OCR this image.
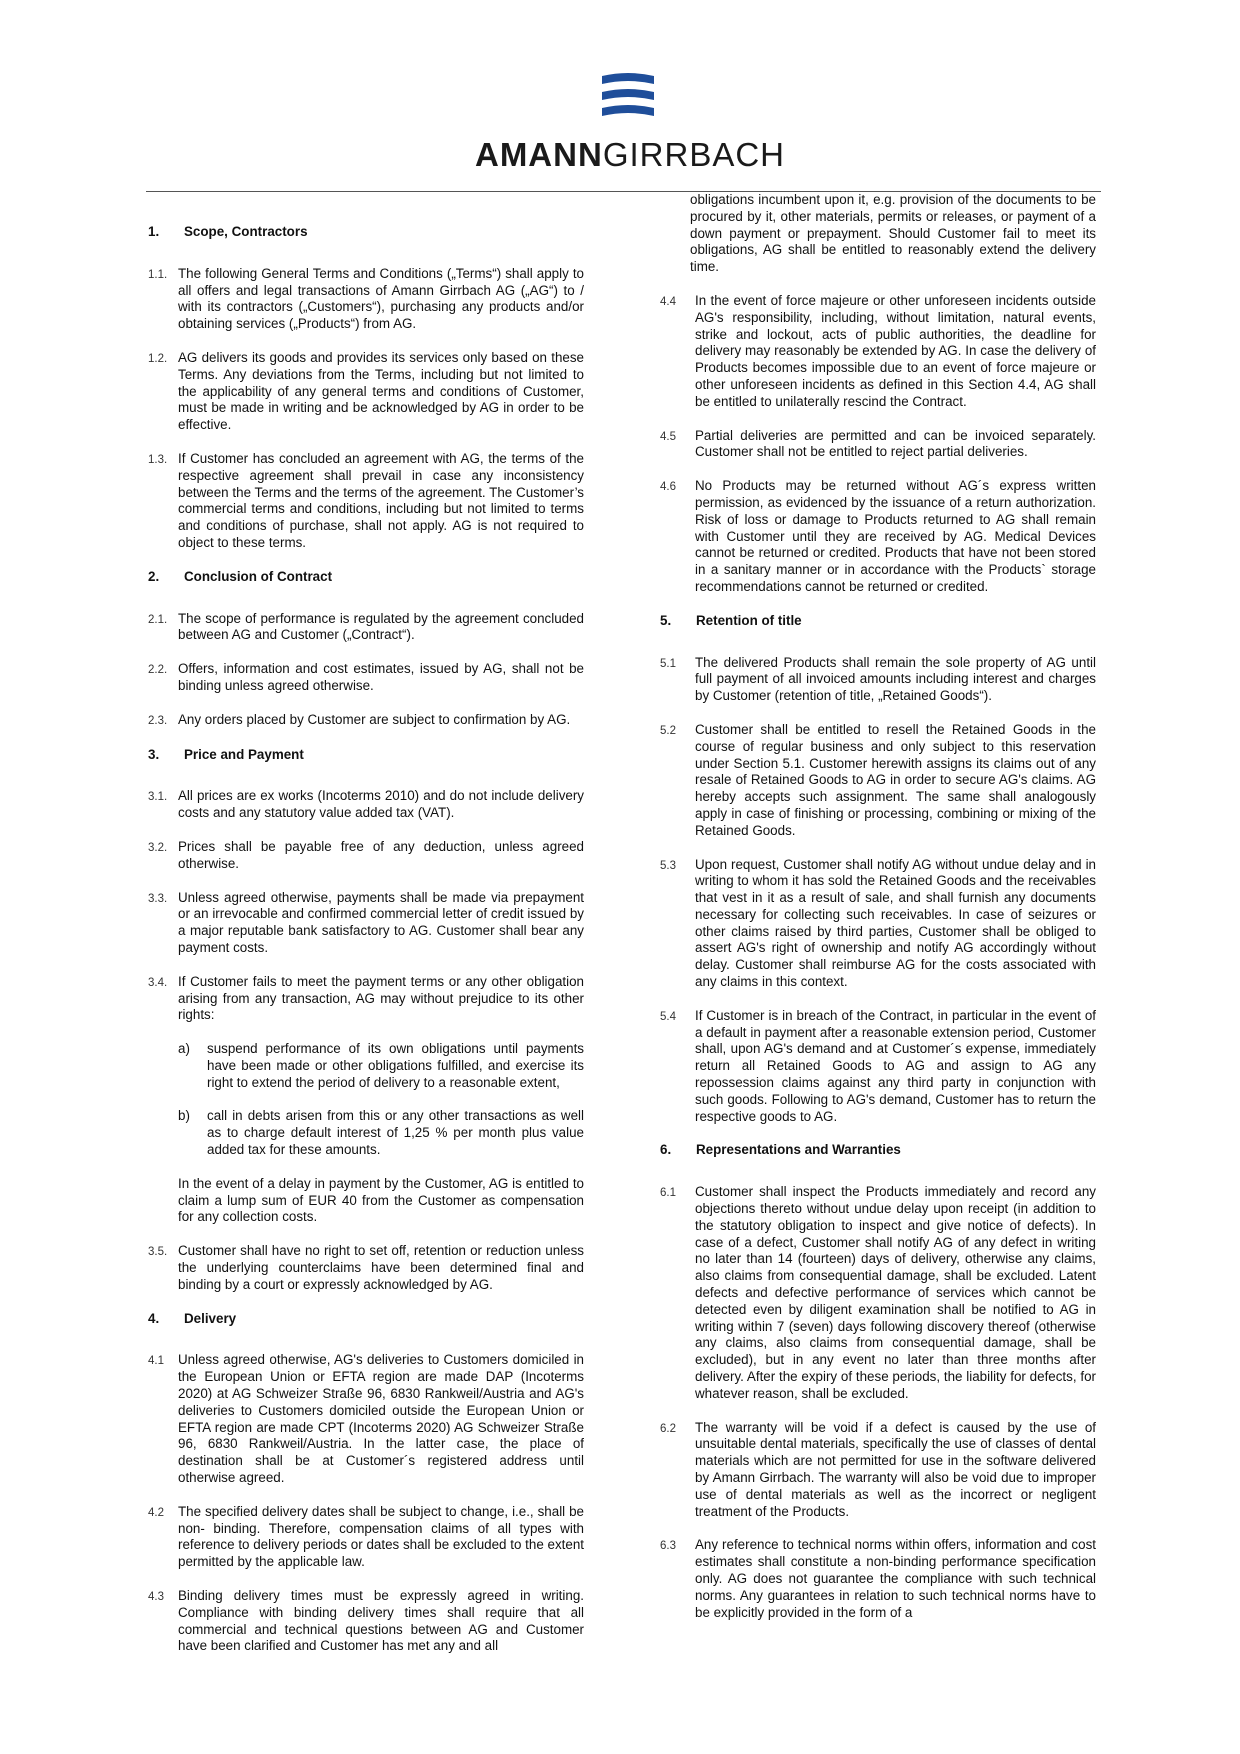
AMANNGIRRBACH
1.	Scope, Contractors
1.1. The following General Terms and Conditions („Terms“) shall apply to all offers and legal transactions of Amann Girrbach AG („AG“) to / with its contractors („Customers“), purchasing any products and/or obtaining services („Products“) from AG.
1.2. AG delivers its goods and provides its services only based on these Terms. Any deviations from the Terms, including but not limited to the applicability of any general terms and conditions of Customer, must be made in writing and be acknowledged by AG in order to be effective.
1.3. If Customer has concluded an agreement with AG, the terms of the respective agreement shall prevail in case any inconsistency between the Terms and the terms of the agreement. The Customer’s commercial terms and conditions, including but not limited to terms and conditions of purchase, shall not apply. AG is not required to object to these terms.
2.	Conclusion of Contract
2.1. The scope of performance is regulated by the agreement concluded between AG and Customer („Contract“).
2.2. Offers, information and cost estimates, issued by AG, shall not be binding unless agreed otherwise.
2.3. Any orders placed by Customer are subject to confirmation by AG.
3.	Price and Payment
3.1. All prices are ex works (Incoterms 2010) and do not include delivery costs and any statutory value added tax (VAT).
3.2. Prices shall be payable free of any deduction, unless agreed otherwise.
3.3. Unless agreed otherwise, payments shall be made via prepayment or an irrevocable and confirmed commercial letter of credit issued by a major reputable bank satisfactory to AG. Customer shall bear any payment costs.
3.4. If Customer fails to meet the payment terms or any other obligation arising from any transaction, AG may without prejudice to its other rights:
a)	suspend performance of its own obligations until payments have been made or other obligations fulfilled, and exercise its right to extend the period of delivery to a reasonable extent,
b)	call in debts arisen from this or any other transactions as well as to charge default interest of 1,25 % per month plus value added tax for these amounts.
In the event of a delay in payment by the Customer, AG is entitled to claim a lump sum of EUR 40 from the Customer as compensation for any collection costs.
3.5. Customer shall have no right to set off, retention or reduction unless the underlying counterclaims have been determined final and binding by a court or expressly acknowledged by AG.
4.	Delivery
4.1	Unless agreed otherwise, AG's deliveries to Customers domiciled in the European Union or EFTA region are made DAP (Incoterms 2020) at AG Schweizer Straße 96, 6830 Rankweil/Austria and AG's deliveries to Customers domiciled outside the European Union or EFTA region are made CPT (Incoterms 2020) AG Schweizer Straße 96, 6830 Rankweil/Austria. In the latter case, the place of destination shall be at Customer´s registered address until otherwise agreed.
4.2	The specified delivery dates shall be subject to change, i.e., shall be non- binding. Therefore, compensation claims of all types with reference to delivery periods or dates shall be excluded to the extent permitted by the applicable law.
4.3	Binding delivery times must be expressly agreed in writing. Compliance with binding delivery times shall require that all commercial and technical questions between AG and Customer have been clarified and Customer has met any and all
obligations incumbent upon it, e.g. provision of the documents to be procured by it, other materials, permits or releases, or payment of a down payment or prepayment. Should Customer fail to meet its obligations, AG shall be entitled to reasonably extend the delivery time.
4.4	In the event of force majeure or other unforeseen incidents outside AG's responsibility, including, without limitation, natural events, strike and lockout, acts of public authorities, the deadline for delivery may reasonably be extended by AG. In case the delivery of Products becomes impossible due to an event of force majeure or other unforeseen incidents as defined in this Section 4.4, AG shall be entitled to unilaterally rescind the Contract.
4.5	Partial deliveries are permitted and can be invoiced separately. Customer shall not be entitled to reject partial deliveries.
4.6	No Products may be returned without AG´s express written permission, as evidenced by the issuance of a return authorization. Risk of loss or damage to Products returned to AG shall remain with Customer until they are received by AG. Medical Devices cannot be returned or credited. Products that have not been stored in a sanitary manner or in accordance with the Products` storage recommendations cannot be returned or credited.
5.	Retention of title
5.1	The delivered Products shall remain the sole property of AG until full payment of all invoiced amounts including interest and charges by Customer (retention of title, „Retained Goods“).
5.2	Customer shall be entitled to resell the Retained Goods in the course of regular business and only subject to this reservation under Section 5.1. Customer herewith assigns its claims out of any resale of Retained Goods to AG in order to secure AG's claims. AG hereby accepts such assignment. The same shall analogously apply in case of finishing or processing, combining or mixing of the Retained Goods.
5.3	Upon request, Customer shall notify AG without undue delay and in writing to whom it has sold the Retained Goods and the receivables that vest in it as a result of sale, and shall furnish any documents necessary for collecting such receivables. In case of seizures or other claims raised by third parties, Customer shall be obliged to assert AG's right of ownership and notify AG accordingly without delay. Customer shall reimburse AG for the costs associated with any claims in this context.
5.4	If Customer is in breach of the Contract, in particular in the event of a default in payment after a reasonable extension period, Customer shall, upon AG's demand and at Customer´s expense, immediately return all Retained Goods to AG and assign to AG any repossession claims against any third party in conjunction with such goods. Following to AG's demand, Customer has to return the respective goods to AG.
6.	Representations and Warranties
6.1	Customer shall inspect the Products immediately and record any objections thereto without undue delay upon receipt (in addition to the statutory obligation to inspect and give notice of defects). In case of a defect, Customer shall notify AG of any defect in writing no later than 14 (fourteen) days of delivery, otherwise any claims, also claims from consequential damage, shall be excluded. Latent defects and defective performance of services which cannot be detected even by diligent examination shall be notified to AG in writing within 7 (seven) days following discovery thereof (otherwise any claims, also claims from consequential damage, shall be excluded), but in any event no later than three months after delivery. After the expiry of these periods, the liability for defects, for whatever reason, shall be excluded.
6.2	The warranty will be void if a defect is caused by the use of unsuitable dental materials, specifically the use of classes of dental materials which are not permitted for use in the software delivered by Amann Girrbach. The warranty will also be void due to improper use of dental materials as well as the incorrect or negligent treatment of the Products.
6.3	Any reference to technical norms within offers, information and cost estimates shall constitute a non-binding performance specification only. AG does not guarantee the compliance with such technical norms. Any guarantees in relation to such technical norms have to be explicitly provided in the form of a
